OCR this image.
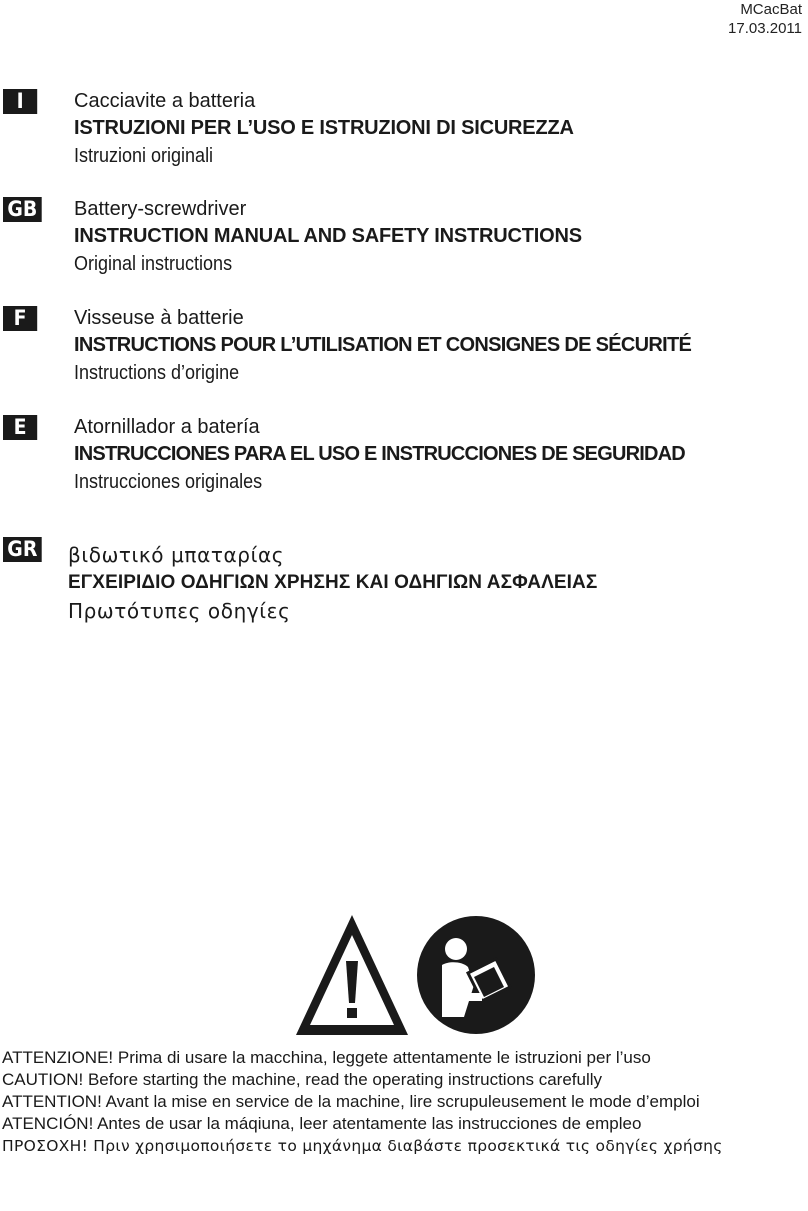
MCacBat
17.03.2011
I	Cacciavite a batteria
ISTRUZIONI PER L’USO E ISTRUZIONI DI SICUREZZA
Istruzioni originali
GB Battery-screwdriver
INSTRUCTION MANUAL AND SAFETY INSTRUCTIONS
Original instructions
F	Visseuse à batterie
INSTRUCTIONS POUR L’UTILISATION ET CONSIGNES DE SÉCURITÉ
Instructions d’origine
E	Atornillador a batería
INSTRUCCIONES PARA EL USO E INSTRUCCIONES DE SEGURIDAD
Instrucciones originales
GR βιδωτικό μπαταρίας
ΕΓΧΕΙΡΙΔΙΟ ΟΔΗΓΙΩΝ ΧΡΗΣΗΣ ΚΑΙ ΟΔΗΓΙΩΝ ΑΣΦΑΛΕΙΑΣ
Πρωτότυπες οδηγίες
ATTENZIONE! Prima di usare la macchina, leggete attentamente le istruzioni per l’uso
CAUTION! Before starting the machine, read the operating instructions carefully
ATTENTION! Avant la mise en service de la machine, lire scrupuleusement le mode d’emploi
ATENCIÓN! Antes de usar la máqiuna, leer atentamente las instrucciones de empleo
ΠΡΟΣΟΧΗ! Πριν χρησιμοποιήσετε το μηχάνημα διαβάστε προσεκτικά τις οδηγίες χρήσης
